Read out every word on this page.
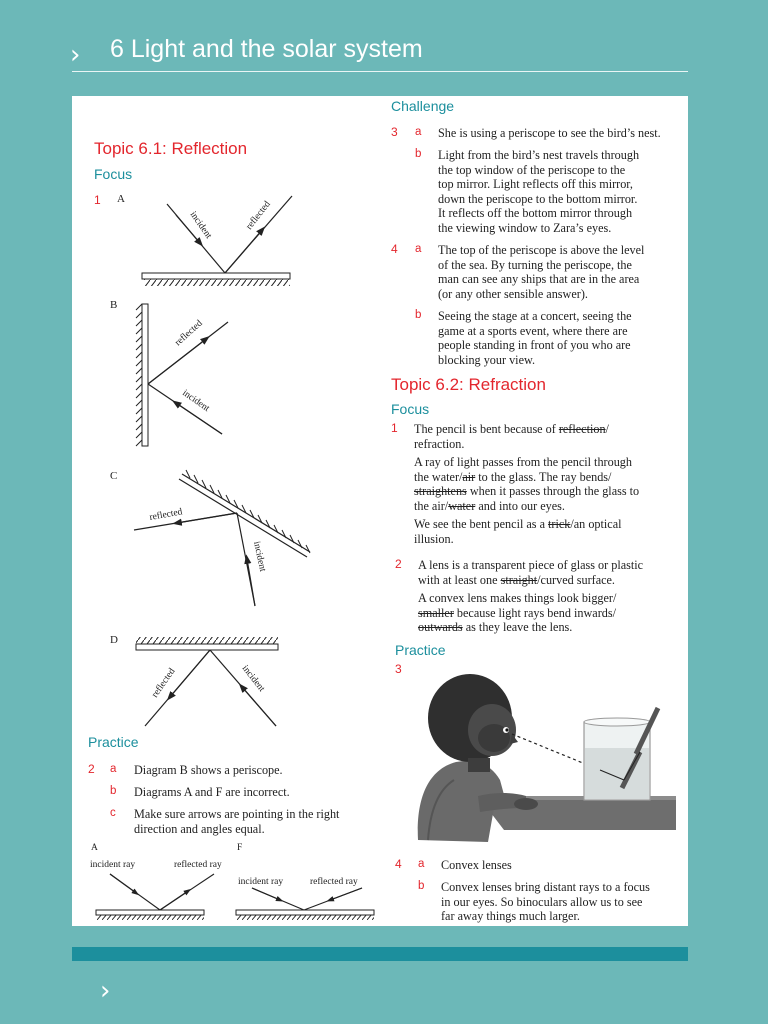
› 6 Light and the solar system
Topic 6.1: Reflection
Focus
1 A
B
C
D
incident	reflected
reflected
incident
reflected
incident
reflected	incident
Practice
2 a Diagram B shows a periscope.
b Diagrams A and F are incorrect.
c Make sure arrows are pointing in the right
direction and angles equal.
A	F
incident ray	reflected ray
incident ray	reflected ray
Challenge
3 a She is using a periscope to see the bird’s nest.
b Light from the bird’s nest travels through
the top window of the periscope to the
top mirror. Light reflects off this mirror,
down the periscope to the bottom mirror.
It reflects off the bottom mirror through
the viewing window to Zara’s eyes.
4 a The top of the periscope is above the level
of the sea. By turning the periscope, the
man can see any ships that are in the area
(or any other sensible answer).
b Seeing the stage at a concert, seeing the
game at a sports event, where there are
people standing in front of you who are
blocking your view.
Topic 6.2: Refraction
Focus
1 The pencil is bent because of reflection/
refraction.
A ray of light passes from the pencil through
the water/air to the glass. The ray bends/
straightens when it passes through the glass to
the air/water and into our eyes.
We see the bent pencil as a trick/an optical
illusion.
2 A lens is a transparent piece of glass or plastic
with at least one straight/curved surface.
A convex lens makes things look bigger/
smaller because light rays bend inwards/
outwards as they leave the lens.
Practice
3
4 a Convex lenses
b Convex lenses bring distant rays to a focus
in our eyes. So binoculars allow us to see
far away things much larger.
›
